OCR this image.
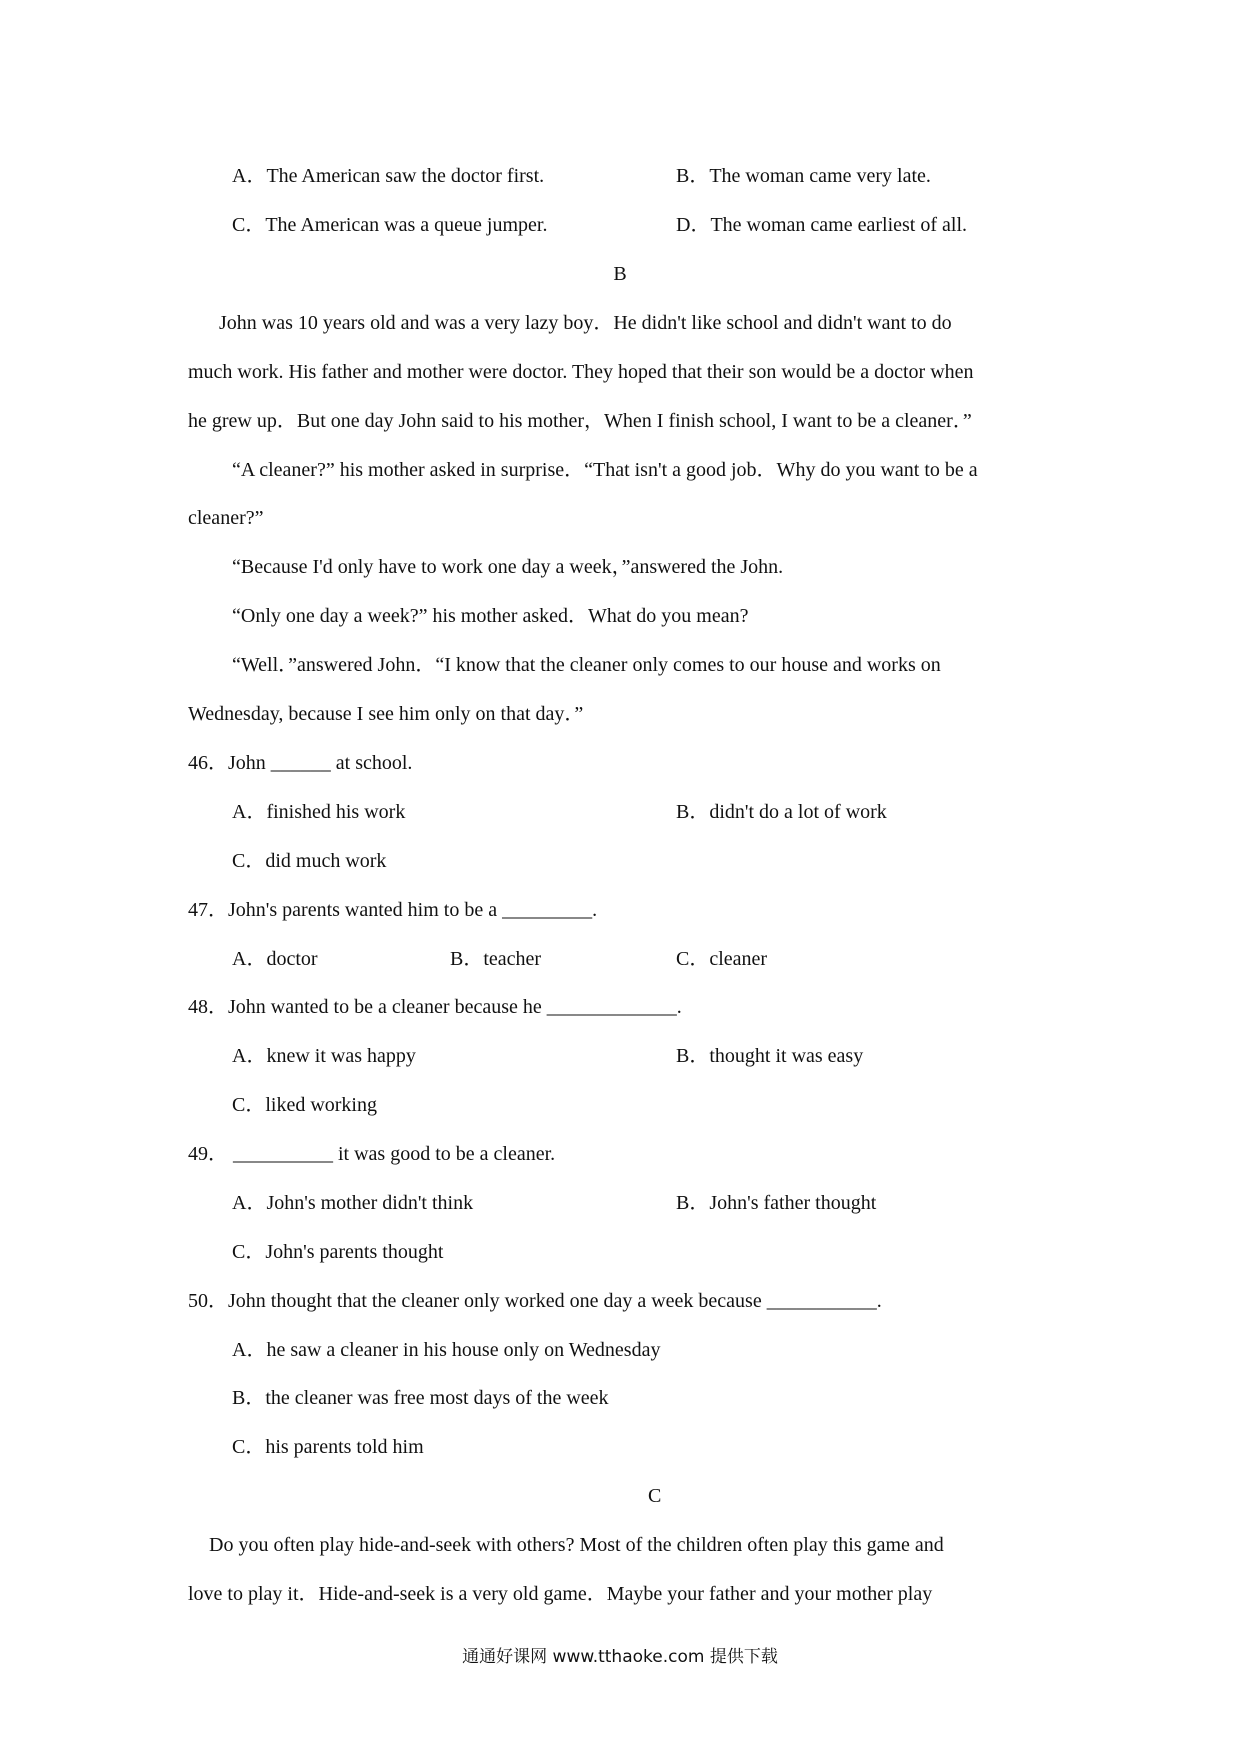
A．The American saw the doctor first.	B．The woman came very late.
C．The American was a queue jumper.	D．The woman came earliest of all.
B
John was 10 years old and was a very lazy boy．He didn't like school and didn't want to do
much work. His father and mother were doctor. They hoped that their son would be a doctor when
he grew up．But one day John said to his mother，When I finish school, I want to be a cleaner．”
“A cleaner?” his mother asked in surprise．“That isn't a good job．Why do you want to be a
cleaner?”
“Because I'd only have to work one day a week，”answered the John.
“Only one day a week?” his mother asked．What do you mean?
“Well．”answered John．“I know that the cleaner only comes to our house and works on
Wednesday, because I see him only on that day．”
46．John ______ at school.
A．finished his work	B．didn't do a lot of work
C．did much work
47．John's parents wanted him to be a _________.
A．doctor	B．teacher	C．cleaner
48．John wanted to be a cleaner because he _____________.
A．knew it was happy	B．thought it was easy
C．liked working
49． __________ it was good to be a cleaner.
A．John's mother didn't think	B．John's father thought
C．John's parents thought
50．John thought that the cleaner only worked one day a week because ___________.
A．he saw a cleaner in his house only on Wednesday
B．the cleaner was free most days of the week
C．his parents told him
C
Do you often play hide-and-seek with others? Most of the children often play this game and
love to play it．Hide-and-seek is a very old game．Maybe your father and your mother play
通通好课网 www.tthaoke.com 提供下载
